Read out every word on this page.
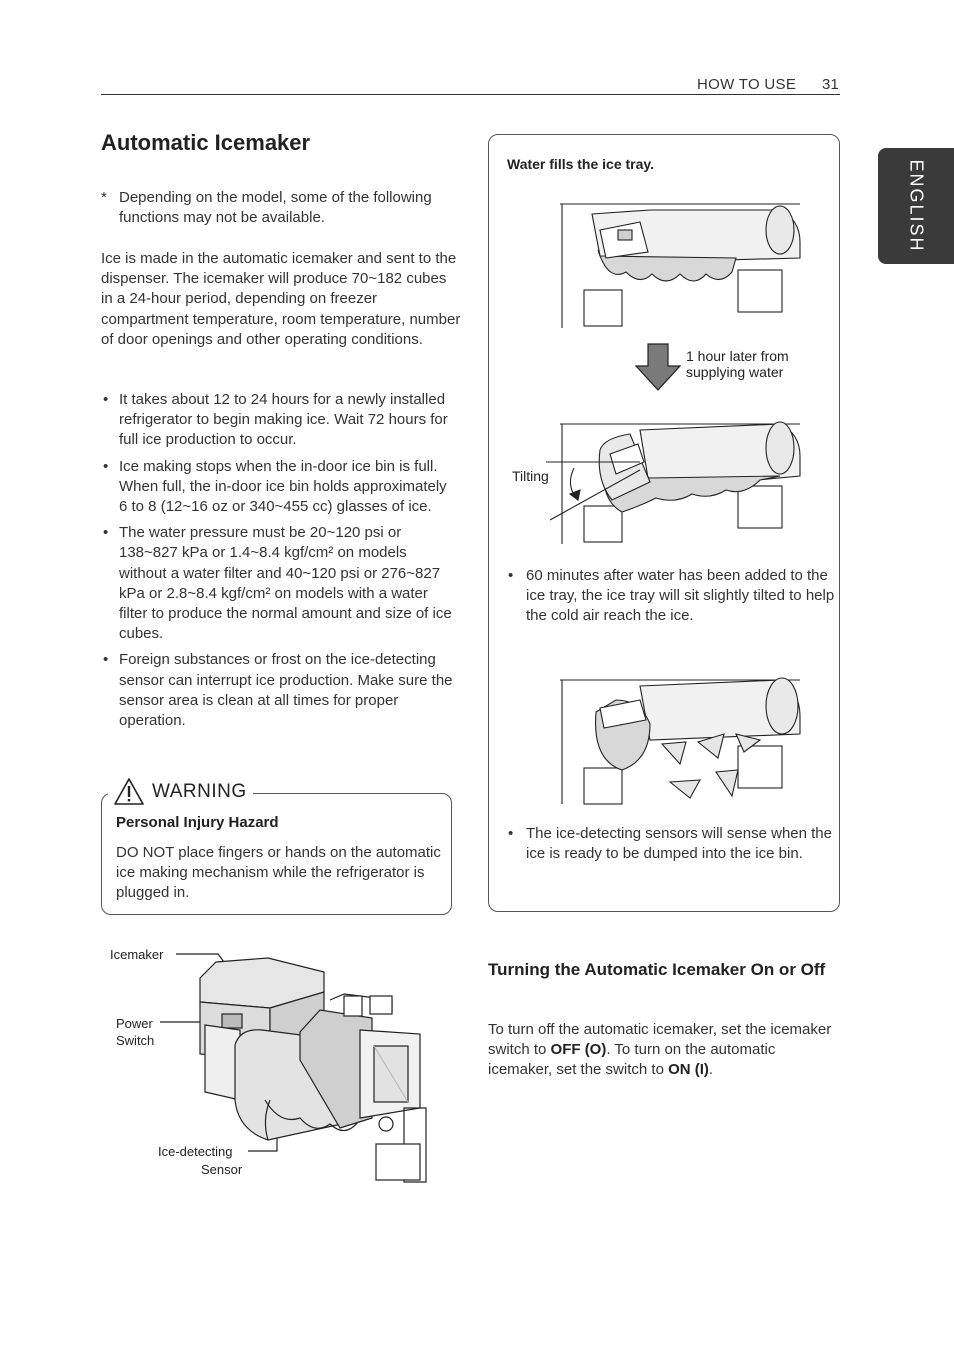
HOW TO USE 31
ENGLISH
Automatic Icemaker
* Depending on the model, some of the following functions may not be available.
Ice is made in the automatic icemaker and sent to the dispenser. The icemaker will produce 70~182 cubes in a 24-hour period, depending on freezer compartment temperature, room temperature, number of door openings and other operating conditions.
• It takes about 12 to 24 hours for a newly installed refrigerator to begin making ice. Wait 72 hours for full ice production to occur.
• Ice making stops when the in-door ice bin is full. When full, the in-door ice bin holds approximately 6 to 8 (12~16 oz or 340~455 cc) glasses of ice.
• The water pressure must be 20~120 psi or 138~827 kPa or 1.4~8.4 kgf/cm² on models without a water filter and 40~120 psi or 276~827 kPa or 2.8~8.4 kgf/cm² on models with a water filter to produce the normal amount and size of ice cubes.
• Foreign substances or frost on the ice-detecting sensor can interrupt ice production. Make sure the sensor area is clean at all times for proper operation.
WARNING
Personal Injury Hazard
DO NOT place fingers or hands on the automatic ice making mechanism while the refrigerator is plugged in.
Icemaker
Power
Switch
Ice-detecting
Sensor
Water fills the ice tray.
1 hour later from
supplying water
Tilting
• 60 minutes after water has been added to the ice tray, the ice tray will sit slightly tilted to help the cold air reach the ice.
• The ice-detecting sensors will sense when the ice is ready to be dumped into the ice bin.
Turning the Automatic Icemaker On or Off
To turn off the automatic icemaker, set the icemaker switch to OFF (O). To turn on the automatic icemaker, set the switch to ON (I).
